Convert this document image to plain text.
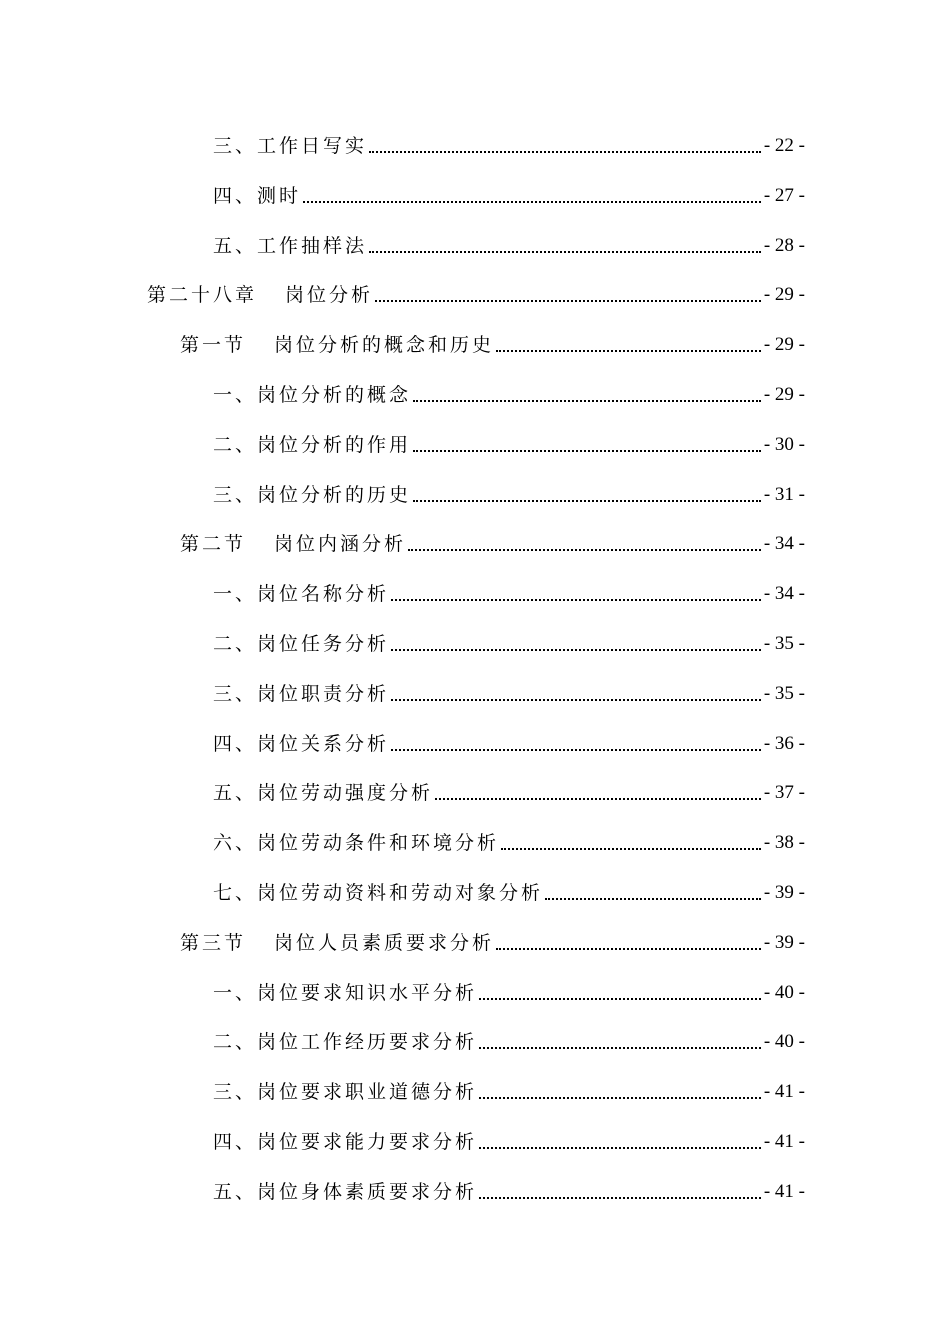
三、工作日写实	- 22 -
四、测时	- 27 -
五、工作抽样法	- 28 -
第二十八章 岗位分析	- 29 -
第一节 岗位分析的概念和历史	- 29 -
一、岗位分析的概念	- 29 -
二、岗位分析的作用	- 30 -
三、岗位分析的历史	- 31 -
第二节 岗位内涵分析	- 34 -
一、岗位名称分析	- 34 -
二、岗位任务分析	- 35 -
三、岗位职责分析	- 35 -
四、岗位关系分析	- 36 -
五、岗位劳动强度分析	- 37 -
六、岗位劳动条件和环境分析	- 38 -
七、岗位劳动资料和劳动对象分析	- 39 -
第三节 岗位人员素质要求分析	- 39 -
一、岗位要求知识水平分析	- 40 -
二、岗位工作经历要求分析	- 40 -
三、岗位要求职业道德分析	- 41 -
四、岗位要求能力要求分析	- 41 -
五、岗位身体素质要求分析	- 41 -
